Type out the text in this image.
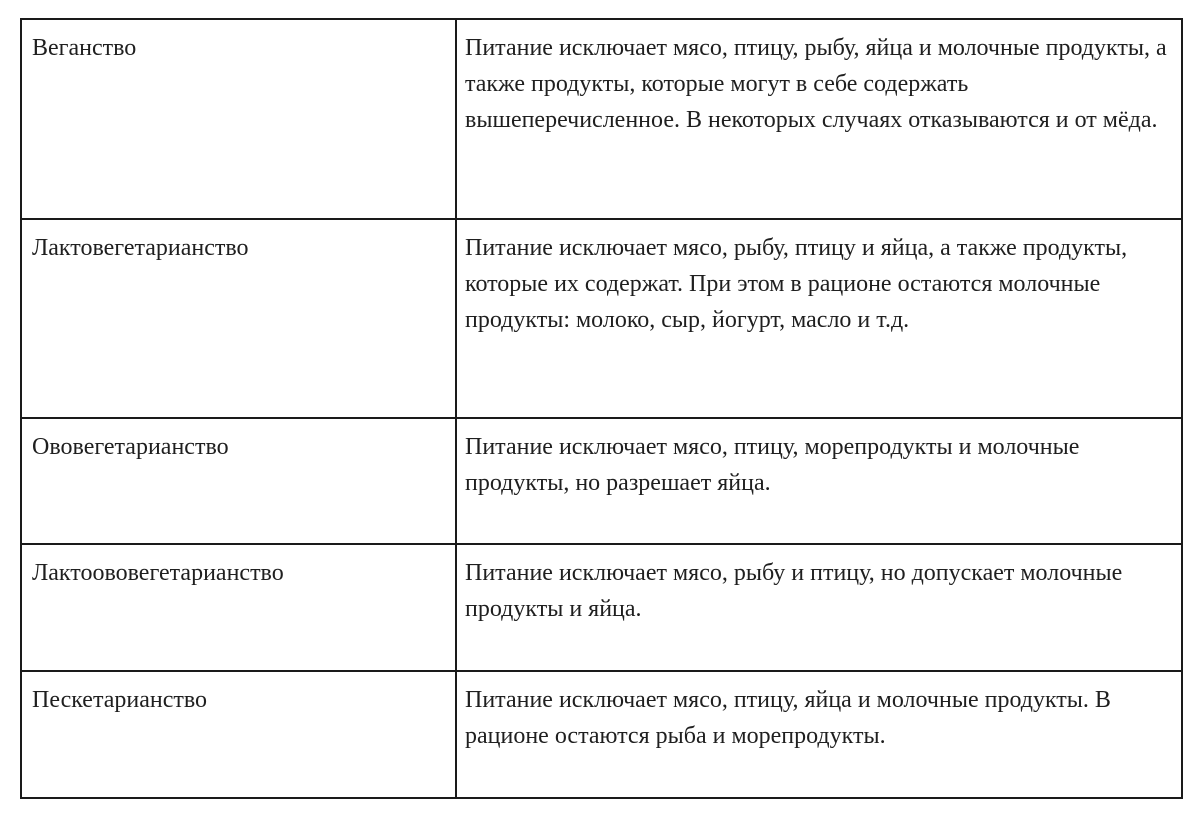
Веганство	Питание исключает мясо, птицу, рыбу, яйца и молочные продукты, а также продукты, которые могут в себе содержать вышеперечисленное. В некоторых случаях отказываются и от мёда.
Лактовегетарианство	Питание исключает мясо, рыбу, птицу и яйца, а также продукты, которые их содержат. При этом в рационе остаются молочные продукты: молоко, сыр, йогурт, масло и т.д.
Ововегетарианство	Питание исключает мясо, птицу, морепродукты и молочные продукты, но разрешает яйца.
Лактоововегетарианство	Питание исключает мясо, рыбу и птицу, но допускает молочные продукты и яйца.
Пескетарианство	Питание исключает мясо, птицу, яйца и молочные продукты. В рационе остаются рыба и морепродукты.
